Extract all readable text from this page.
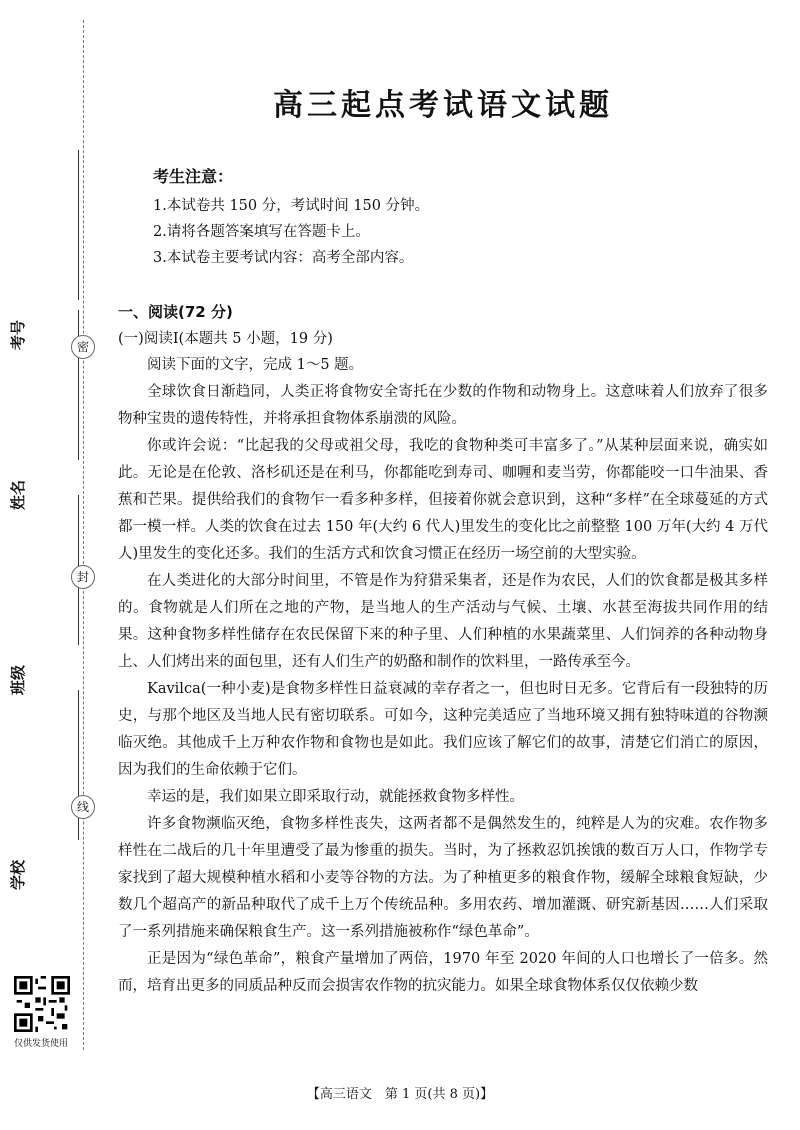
考号
姓名
班级
学校
密
封
线
仅供发货使用
高三起点考试语文试题
考生注意：
1.本试卷共 150 分，考试时间 150 分钟。
2.请将各题答案填写在答题卡上。
3.本试卷主要考试内容：高考全部内容。
一、阅读(72 分)
(一)阅读Ⅰ(本题共 5 小题，19 分)

阅读下面的文字，完成 1～5 题。

全球饮食日渐趋同，人类正将食物安全寄托在少数的作物和动物身上。这意味着人们放弃了很多物种宝贵的遗传特性，并将承担食物体系崩溃的风险。

你或许会说：“比起我的父母或祖父母，我吃的食物种类可丰富多了。”从某种层面来说，确实如此。无论是在伦敦、洛杉矶还是在利马，你都能吃到寿司、咖喱和麦当劳，你都能咬一口牛油果、香蕉和芒果。提供给我们的食物乍一看多种多样，但接着你就会意识到，这种“多样”在全球蔓延的方式都一模一样。人类的饮食在过去 150 年(大约 6 代人)里发生的变化比之前整整 100 万年(大约 4 万代人)里发生的变化还多。我们的生活方式和饮食习惯正在经历一场空前的大型实验。

在人类进化的大部分时间里，不管是作为狩猎采集者，还是作为农民，人们的饮食都是极其多样的。食物就是人们所在之地的产物，是当地人的生产活动与气候、土壤、水甚至海拔共同作用的结果。这种食物多样性储存在农民保留下来的种子里、人们种植的水果蔬菜里、人们饲养的各种动物身上、人们烤出来的面包里，还有人们生产的奶酪和制作的饮料里，一路传承至今。

Kavilca(一种小麦)是食物多样性日益衰减的幸存者之一，但也时日无多。它背后有一段独特的历史，与那个地区及当地人民有密切联系。可如今，这种完美适应了当地环境又拥有独特味道的谷物濒临灭绝。其他成千上万种农作物和食物也是如此。我们应该了解它们的故事，清楚它们消亡的原因，因为我们的生命依赖于它们。

幸运的是，我们如果立即采取行动，就能拯救食物多样性。

许多食物濒临灭绝，食物多样性丧失，这两者都不是偶然发生的，纯粹是人为的灾难。农作物多样性在二战后的几十年里遭受了最为惨重的损失。当时，为了拯救忍饥挨饿的数百万人口，作物学专家找到了超大规模种植水稻和小麦等谷物的方法。为了种植更多的粮食作物，缓解全球粮食短缺，少数几个超高产的新品种取代了成千上万个传统品种。多用农药、增加灌溉、研究新基因……人们采取了一系列措施来确保粮食生产。这一系列措施被称作“绿色革命”。

正是因为“绿色革命”，粮食产量增加了两倍，1970 年至 2020 年间的人口也增长了一倍多。然而，培育出更多的同质品种反而会损害农作物的抗灾能力。如果全球食物体系仅仅依赖少数

【高三语文　第 1 页(共 8 页)】
